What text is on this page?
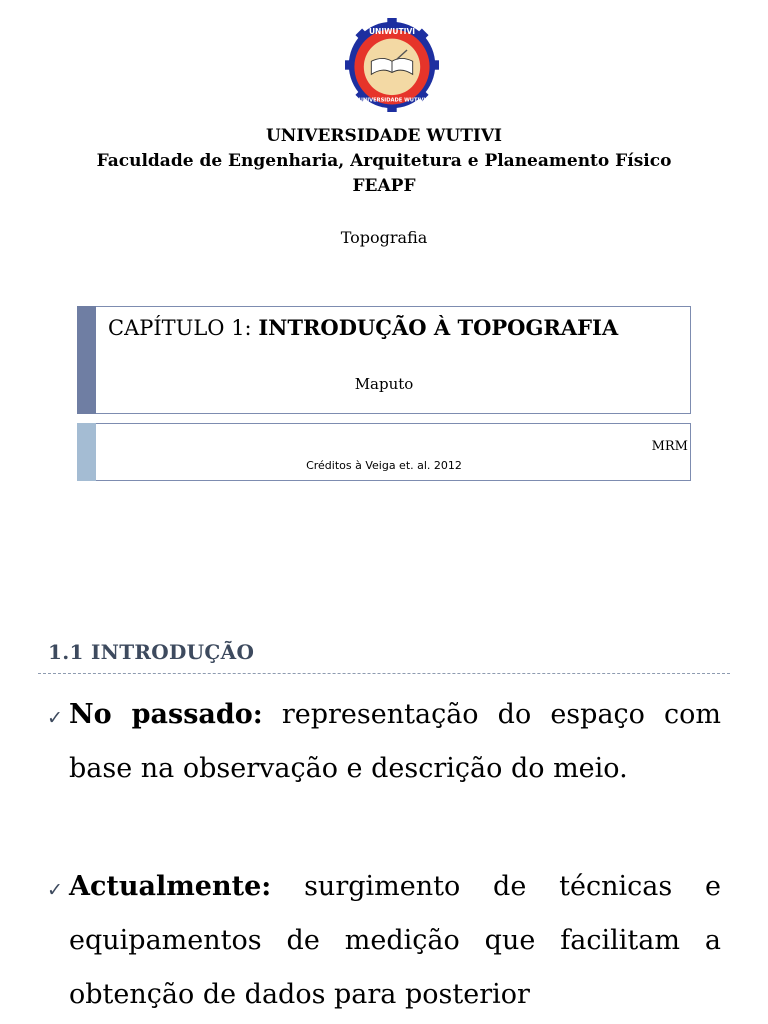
UNIWUTIVI
UNIVERSIDADE WUTIVI
UNIVERSIDADE WUTIVI
Faculdade de Engenharia, Arquitetura e Planeamento Físico
FEAPF
Topografia
CAPÍTULO 1: INTRODUÇÃO À TOPOGRAFIA
Maputo
MRM
Créditos à Veiga et. al. 2012
1.1 INTRODUÇÃO
✓ No passado: representação do espaço com base na observação e descrição do meio.
✓ Actualmente: surgimento de técnicas e equipamentos de medição que facilitam a obtenção de dados para posterior
